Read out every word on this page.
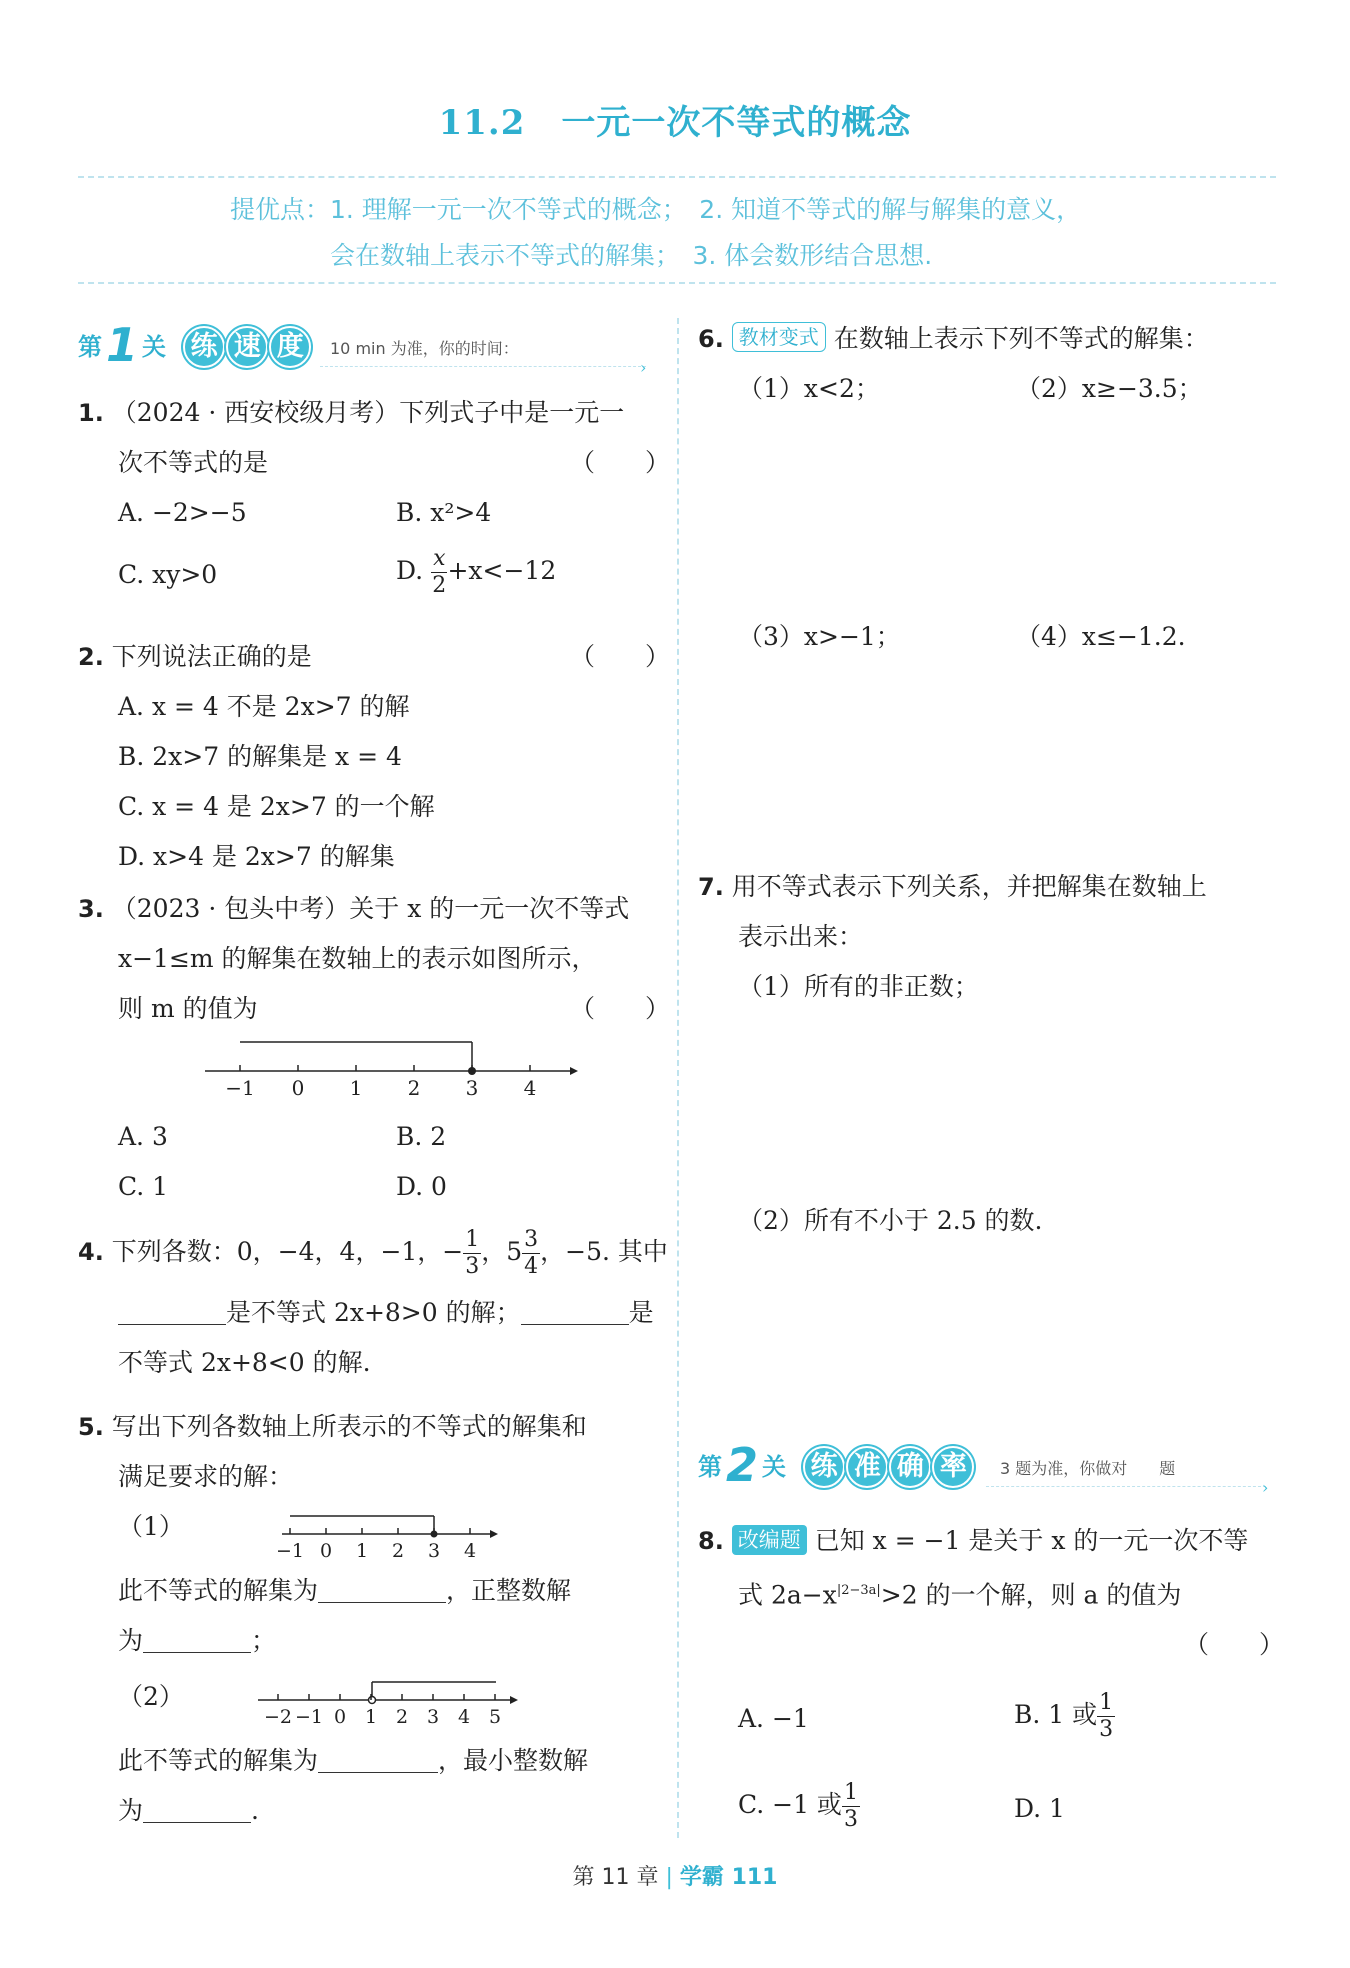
11.2 一元一次不等式的概念
提优点：1. 理解一元一次不等式的概念；　2. 知道不等式的解与解集的意义，
会在数轴上表示不等式的解集；　3. 体会数形结合思想.
第1 关 练 速 度 10 min 为准，你的时间：
›
1. （2024 · 西安校级月考）下列式子中是一元一
次不等式的是	（　　）
A. −2>−5	B. x²>4
C. xy>0	D. $\frac{x}{2} +x<-12$
2. 下列说法正确的是	（　　）
A. x = 4 不是 2x>7 的解
B. 2x>7 的解集是 x = 4
C. x = 4 是 2x>7 的一个解
D. x>4 是 2x>7 的解集
3. （2023 · 包头中考）关于 x 的一元一次不等式
x−1≤m 的解集在数轴上的表示如图所示，
则 m 的值为	（　　）
−1 0 1 2 3 4
A. 3	B. 2
C. 1	D. 0
4. 下列各数：0，−4，4，−1，− $\frac{1}{3}$ ，$5 \frac{3}{4}$ ，−5. 其中
是不等式 2x+8>0 的解；	是
不等式 2x+8<0 的解.
5. 写出下列各数轴上所表示的不等式的解集和
满足要求的解：
（1）
−1 0 1 2 3 4
此不等式的解集为	，正整数解
为	；
（2）
−2 −1 0 1 2 3 4 5
此不等式的解集为	，最小整数解
为	.
6. 教材变式 在数轴上表示下列不等式的解集：
（1）x<2；	（2）x≥−3.5；
（3）x>−1；	（4）x≤−1.2.
7. 用不等式表示下列关系，并把解集在数轴上
表示出来：
（1）所有的非正数；
（2）所有不小于 2.5 的数.
第2 关 练 准 确 率 3 题为准，你做对　　题
›
8. 改编题 已知 x = −1 是关于 x 的一元一次不等
式 $2a-x^{|2-3a|}>2$ 的一个解，则 a 的值为
（　　）
A. −1	B. 1 或 $\frac{1}{3}$
C. −1 或 $\frac{1}{3}$	D. 1
第 11 章 | 学霸 111
